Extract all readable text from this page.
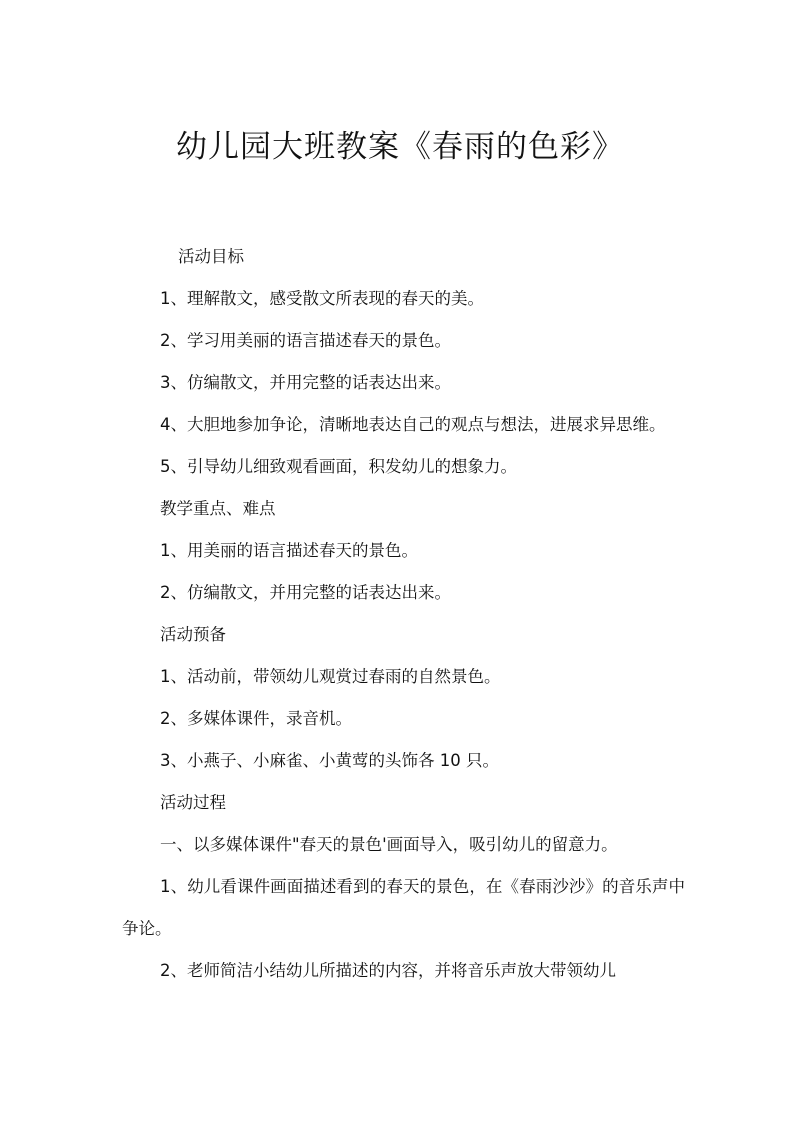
幼儿园大班教案《春雨的色彩》

活动目标

1、理解散文，感受散文所表现的春天的美。

2、学习用美丽的语言描述春天的景色。

3、仿编散文，并用完整的话表达出来。

4、大胆地参加争论，清晰地表达自己的观点与想法，进展求异思维。

5、引导幼儿细致观看画面，积发幼儿的想象力。

教学重点、难点

1、用美丽的语言描述春天的景色。

2、仿编散文，并用完整的话表达出来。

活动预备

1、活动前，带领幼儿观赏过春雨的自然景色。

2、多媒体课件，录音机。

3、小燕子、小麻雀、小黄莺的头饰各 10 只。

活动过程

一、以多媒体课件"春天的景色'画面导入，吸引幼儿的留意力。

1、幼儿看课件画面描述看到的春天的景色，在《春雨沙沙》的音乐声中争论。

2、老师简洁小结幼儿所描述的内容，并将音乐声放大带领幼儿
